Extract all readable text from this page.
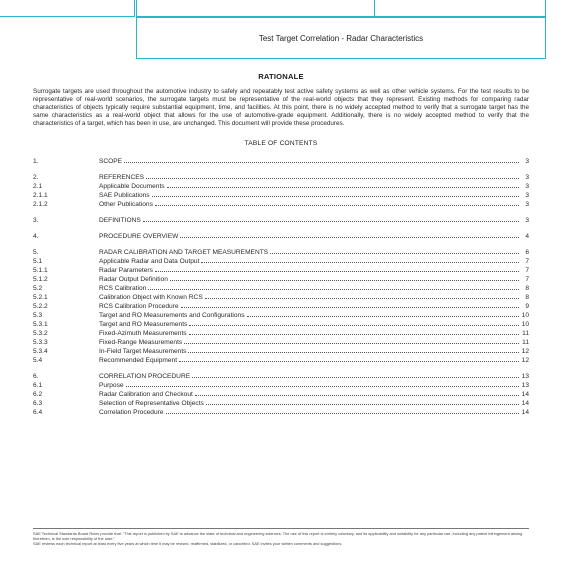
Test Target Correlation - Radar Characteristics
RATIONALE

Surrogate targets are used throughout the automotive industry to safely and repeatably test active safety systems as well as other vehicle systems. For the test results to be representative of real-world scenarios, the surrogate targets must be representative of the real-world objects that they represent. Existing methods for comparing radar characteristics of objects typically require substantial equipment, time, and facilities. At this point, there is no widely accepted method to verify that a surrogate target has the same characteristics as a real-world object that allows for the use of automotive-grade equipment. Additionally, there is no widely accepted method to verify that the characteristics of a target, which has been in use, are unchanged. This document will provide these procedures.

TABLE OF CONTENTS
1.	SCOPE	3
2.	REFERENCES	3
2.1	Applicable Documents	3
2.1.1	SAE Publications	3
2.1.2	Other Publications	3
3.	DEFINITIONS	3
4.	PROCEDURE OVERVIEW	4
5.	RADAR CALIBRATION AND TARGET MEASUREMENTS	6
5.1	Applicable Radar and Data Output	7
5.1.1	Radar Parameters	7
5.1.2	Radar Output Definition	7
5.2	RCS Calibration	8
5.2.1	Calibration Object with Known RCS	8
5.2.2	RCS Calibration Procedure	9
5.3	Target and RO Measurements and Configurations	10
5.3.1	Target and RO Measurements	10
5.3.2	Fixed-Azimuth Measurements	11
5.3.3	Fixed-Range Measurements	11
5.3.4	In-Field Target Measurements	12
5.4	Recommended Equipment	12
6.	CORRELATION PROCEDURE	13
6.1	Purpose	13
6.2	Radar Calibration and Checkout	14
6.3	Selection of Representative Objects	14
6.4	Correlation Procedure	14
SAE Technical Standards Board Rules provide that: "This report is published by SAE to advance the state of technical and engineering sciences. The use of this report is entirely voluntary, and its applicability and suitability for any particular use, including any patent infringement arising therefrom, is the sole responsibility of the user."
SAE reviews each technical report at least every five years at which time it may be revised, reaffirmed, stabilized, or cancelled. SAE invites your written comments and suggestions.
